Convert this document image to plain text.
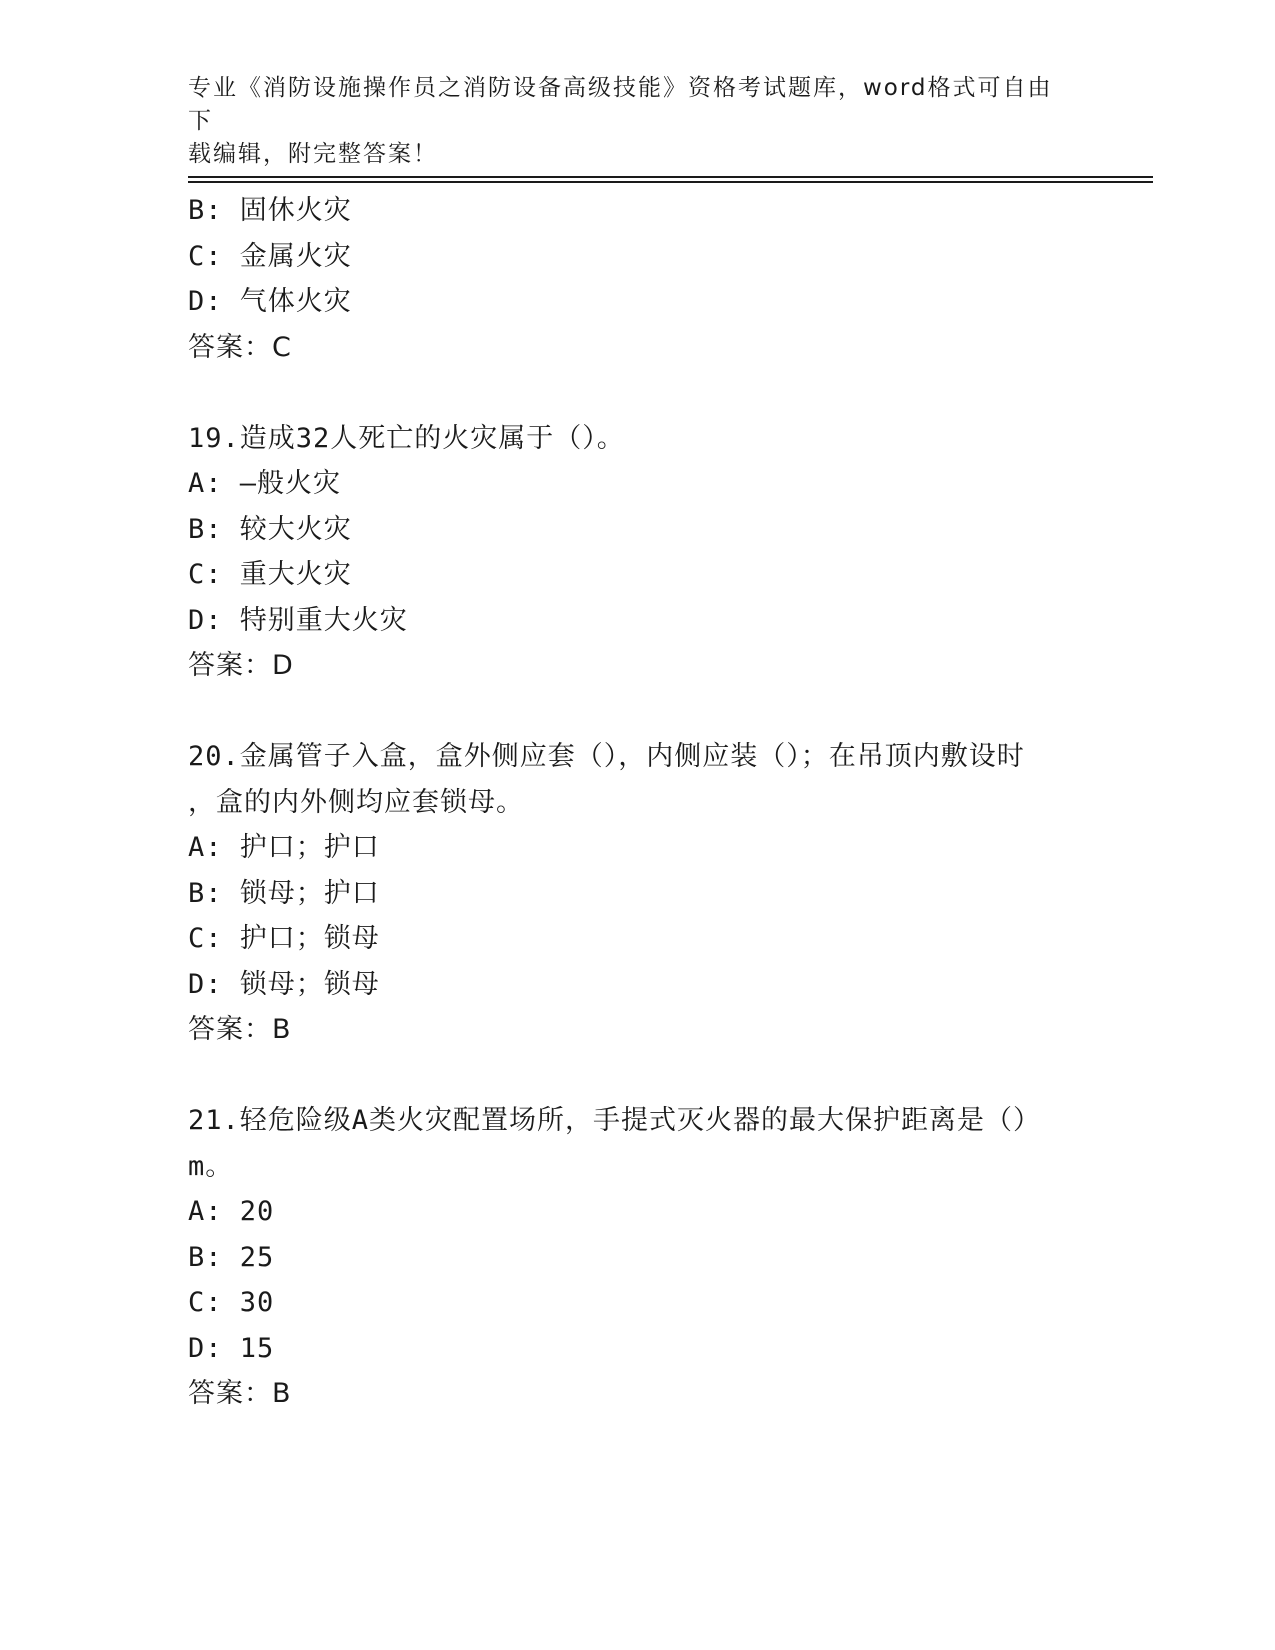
专业《消防设施操作员之消防设备高级技能》资格考试题库，word格式可自由下
载编辑，附完整答案！
B: 固休火灾
C: 金属火灾
D: 气体火灾
答案：C
19.造成32人死亡的火灾属于（）。
A: —般火灾
B: 较大火灾
C: 重大火灾
D: 特别重大火灾
答案：D
20.金属管子入盒，盒外侧应套（），内侧应装（）；在吊顶内敷设时
，盒的内外侧均应套锁母。
A: 护口；护口
B: 锁母；护口
C: 护口；锁母
D: 锁母；锁母
答案：B
21.轻危险级A类火灾配置场所，手提式灭火器的最大保护距离是（）
m。
A: 20
B: 25
C: 30
D: 15
答案：B
